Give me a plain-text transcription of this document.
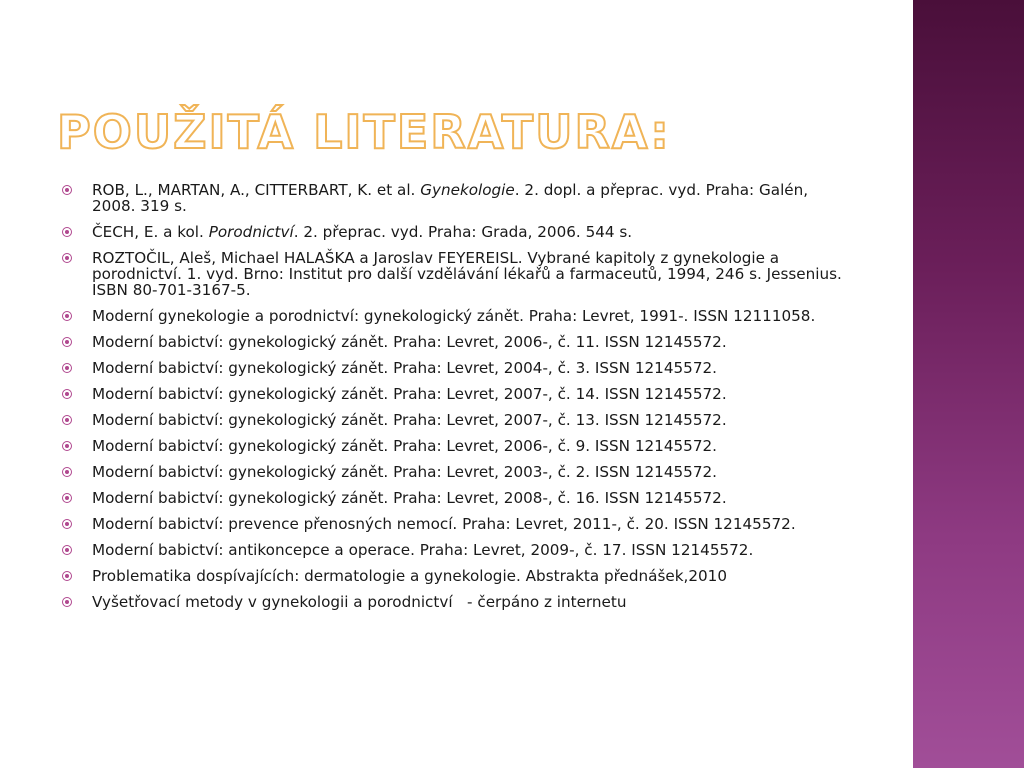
POUŽITÁ LITERATURA:
ROB, L., MARTAN, A., CITTERBART, K. et al. Gynekologie. 2. dopl. a přeprac. vyd. Praha: Galén, 2008. 319 s.
ČECH, E. a kol. Porodnictví. 2. přeprac. vyd. Praha: Grada, 2006. 544 s.
ROZTOČIL, Aleš, Michael HALAŠKA a Jaroslav FEYEREISL. Vybrané kapitoly z gynekologie a porodnictví. 1. vyd. Brno: Institut pro další vzdělávání lékařů a farmaceutů, 1994, 246 s. Jessenius. ISBN 80-701-3167-5.
Moderní gynekologie a porodnictví: gynekologický zánět. Praha: Levret, 1991-. ISSN 12111058.
Moderní babictví: gynekologický zánět. Praha: Levret, 2006-, č. 11. ISSN 12145572.
Moderní babictví: gynekologický zánět. Praha: Levret, 2004-, č. 3. ISSN 12145572.
Moderní babictví: gynekologický zánět. Praha: Levret, 2007-, č. 14. ISSN 12145572.
Moderní babictví: gynekologický zánět. Praha: Levret, 2007-, č. 13. ISSN 12145572.
Moderní babictví: gynekologický zánět. Praha: Levret, 2006-, č. 9. ISSN 12145572.
Moderní babictví: gynekologický zánět. Praha: Levret, 2003-, č. 2. ISSN 12145572.
Moderní babictví: gynekologický zánět. Praha: Levret, 2008-, č. 16. ISSN 12145572.
Moderní babictví: prevence přenosných nemocí. Praha: Levret, 2011-, č. 20. ISSN 12145572.
Moderní babictví: antikoncepce a operace. Praha: Levret, 2009-, č. 17. ISSN 12145572.
Problematika dospívajících: dermatologie a gynekologie. Abstrakta přednášek,2010
Vyšetřovací metody v gynekologii a porodnictví   - čerpáno z internetu
